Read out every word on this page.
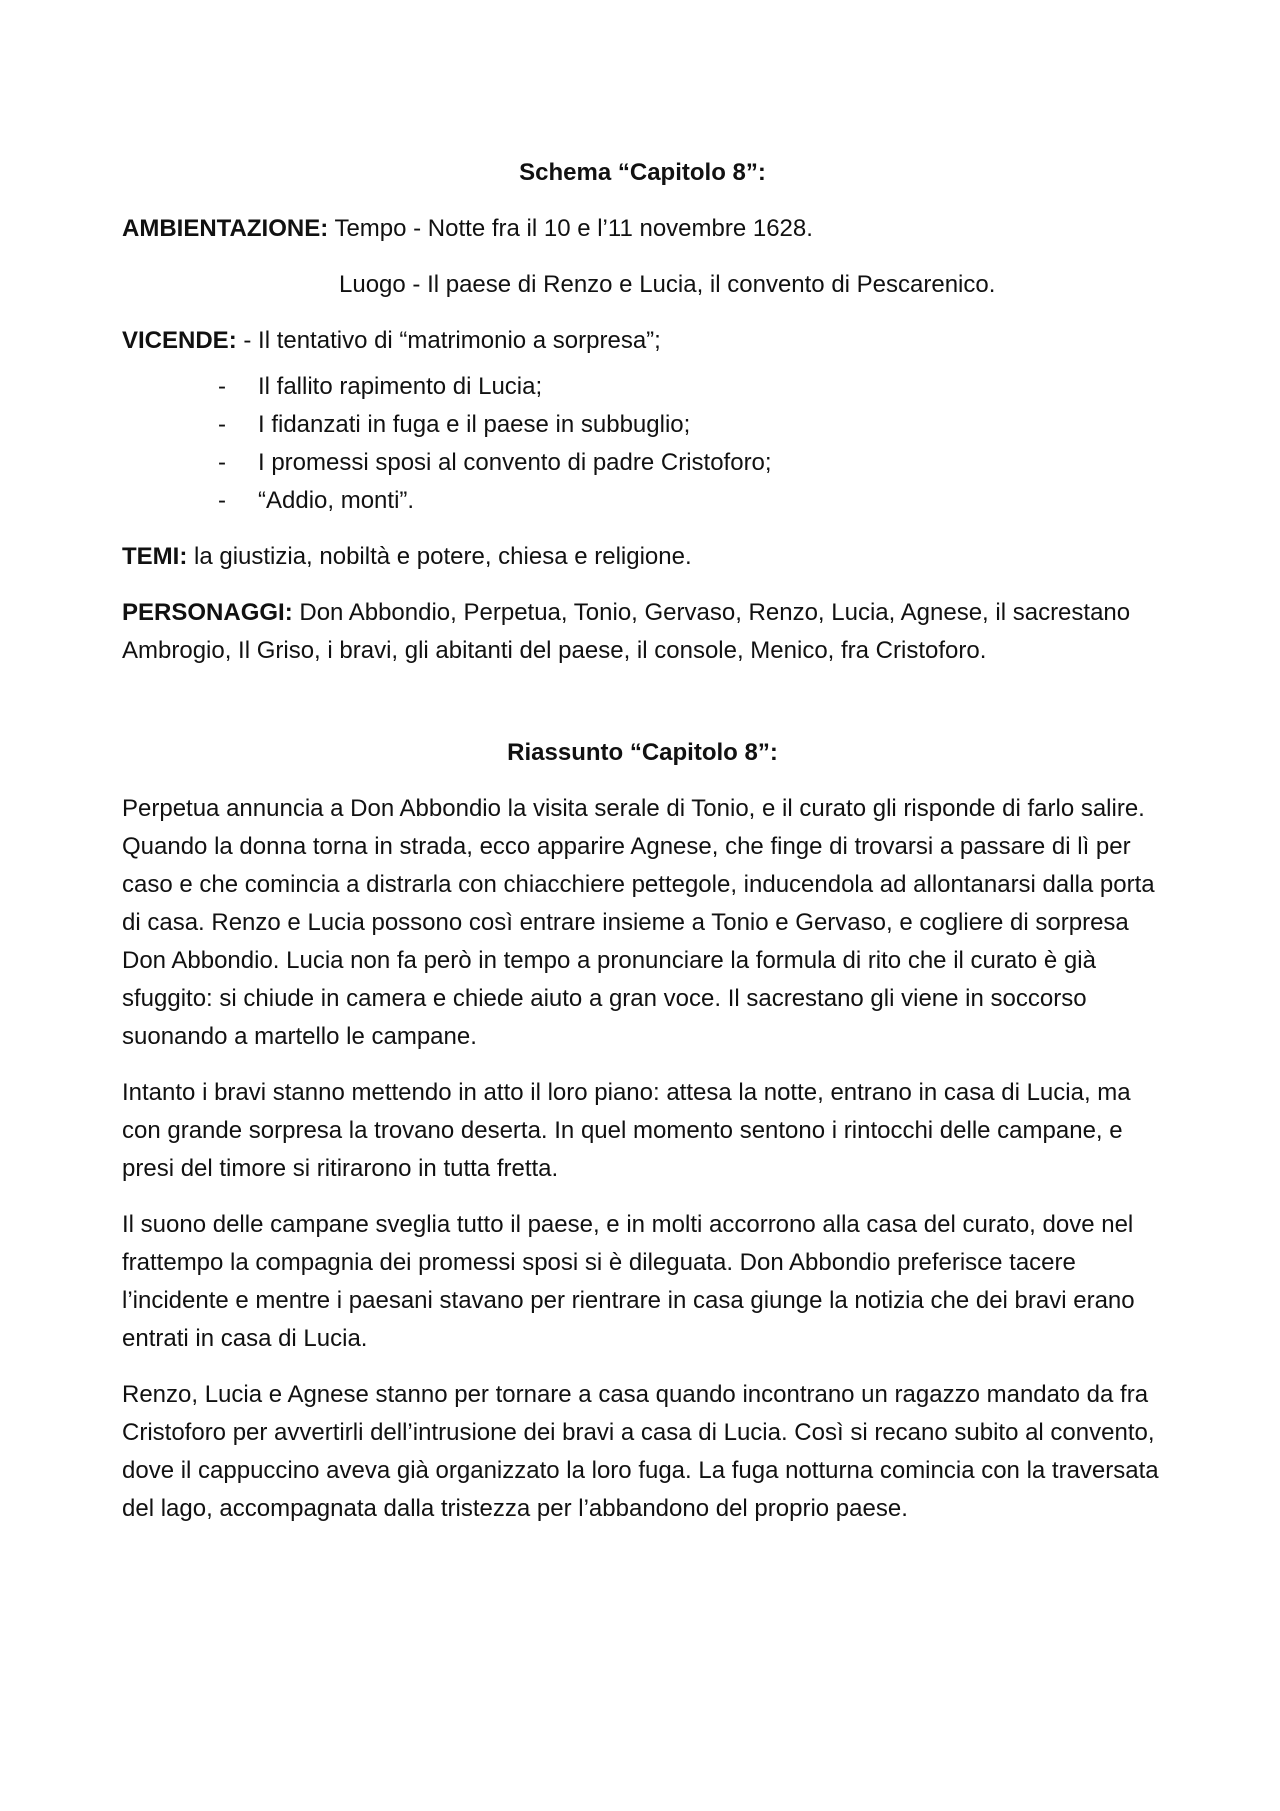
Schema “Capitolo 8”:
AMBIENTAZIONE: Tempo - Notte fra il 10 e l’11 novembre 1628.
Luogo - Il paese di Renzo e Lucia, il convento di Pescarenico.
VICENDE: - Il tentativo di “matrimonio a sorpresa”;
- Il fallito rapimento di Lucia;
- I fidanzati in fuga e il paese in subbuglio;
- I promessi sposi al convento di padre Cristoforo;
- “Addio, monti”.
TEMI: la giustizia, nobiltà e potere, chiesa e religione.
PERSONAGGI: Don Abbondio, Perpetua, Tonio, Gervaso, Renzo, Lucia, Agnese, il sacrestano Ambrogio, Il Griso, i bravi, gli abitanti del paese, il console, Menico, fra Cristoforo.
Riassunto “Capitolo 8”:

Perpetua annuncia a Don Abbondio la visita serale di Tonio, e il curato gli risponde di farlo salire. Quando la donna torna in strada, ecco apparire Agnese, che finge di trovarsi a passare di lì per caso e che comincia a distrarla con chiacchiere pettegole, inducendola ad allontanarsi dalla porta di casa. Renzo e Lucia possono così entrare insieme a Tonio e Gervaso, e cogliere di sorpresa Don Abbondio. Lucia non fa però in tempo a pronunciare la formula di rito che il curato è già sfuggito: si chiude in camera e chiede aiuto a gran voce. Il sacrestano gli viene in soccorso suonando a martello le campane.

Intanto i bravi stanno mettendo in atto il loro piano: attesa la notte, entrano in casa di Lucia, ma con grande sorpresa la trovano deserta. In quel momento sentono i rintocchi delle campane, e presi del timore si ritirarono in tutta fretta.

Il suono delle campane sveglia tutto il paese, e in molti accorrono alla casa del curato, dove nel frattempo la compagnia dei promessi sposi si è dileguata. Don Abbondio preferisce tacere l’incidente e mentre i paesani stavano per rientrare in casa giunge la notizia che dei bravi erano entrati in casa di Lucia.

Renzo, Lucia e Agnese stanno per tornare a casa quando incontrano un ragazzo mandato da fra Cristoforo per avvertirli dell’intrusione dei bravi a casa di Lucia. Così si recano subito al convento, dove il cappuccino aveva già organizzato la loro fuga. La fuga notturna comincia con la traversata del lago, accompagnata dalla tristezza per l’abbandono del proprio paese.
